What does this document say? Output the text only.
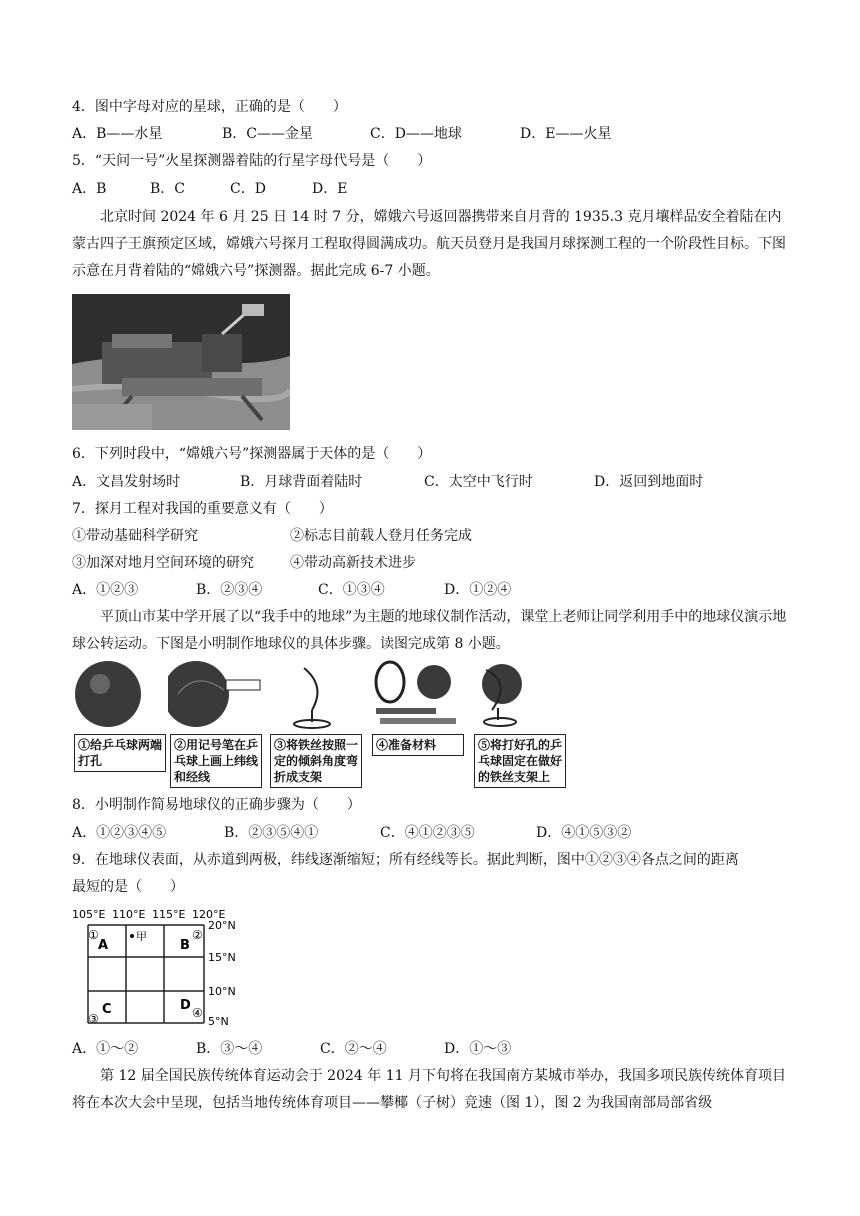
4．图中字母对应的星球，正确的是（　　）
A．B——水星	B．C——金星	C．D——地球	D．E——火星
5．“天问一号”火星探测器着陆的行星字母代号是（　　）
A．B	B．C	C．D	D．E
北京时间 2024 年 6 月 25 日 14 时 7 分，嫦娥六号返回器携带来自月背的 1935.3 克月壤样品安全着陆在内蒙古四子王旗预定区域，嫦娥六号探月工程取得圆满成功。航天员登月是我国月球探测工程的一个阶段性目标。下图示意在月背着陆的“嫦娥六号”探测器。据此完成 6-7 小题。
6．下列时段中，“嫦娥六号”探测器属于天体的是（　　）
A．文昌发射场时	B．月球背面着陆时	C．太空中飞行时	D．返回到地面时
7．探月工程对我国的重要意义有（　　）
①带动基础科学研究	②标志目前载人登月任务完成
③加深对地月空间环境的研究	④带动高新技术进步
A．①②③	B．②③④	C．①③④	D．①②④
平顶山市某中学开展了以“我手中的地球”为主题的地球仪制作活动，课堂上老师让同学利用手中的地球仪演示地球公转运动。下图是小明制作地球仪的具体步骤。读图完成第 8 小题。
①给乒乓球两端打孔
②用记号笔在乒乓球上画上纬线和经线
③将铁丝按照一定的倾斜角度弯折成支架
④准备材料	⑤将打好孔的乒乓球固定在做好的铁丝支架上
8．小明制作简易地球仪的正确步骤为（　　）
A．①②③④⑤	B．②③⑤④①	C．④①②③⑤	D．④①⑤③②
9．在地球仪表面，从赤道到两极，纬线逐渐缩短；所有经线等长。据此判断，图中①②③④各点之间的距离
最短的是（　　）
105°E 110°E 115°E 120°E
20°N
15°N
10°N
5°N
①	②
③	④
A	B
C	D
甲
A．①～②	B．③～④	C．②～④	D．①～③
第 12 届全国民族传统体育运动会于 2024 年 11 月下旬将在我国南方某城市举办，我国多项民族传统体育项目将在本次大会中呈现，包括当地传统体育项目——攀椰（子树）竞速（图 1），图 2 为我国南部局部省级
